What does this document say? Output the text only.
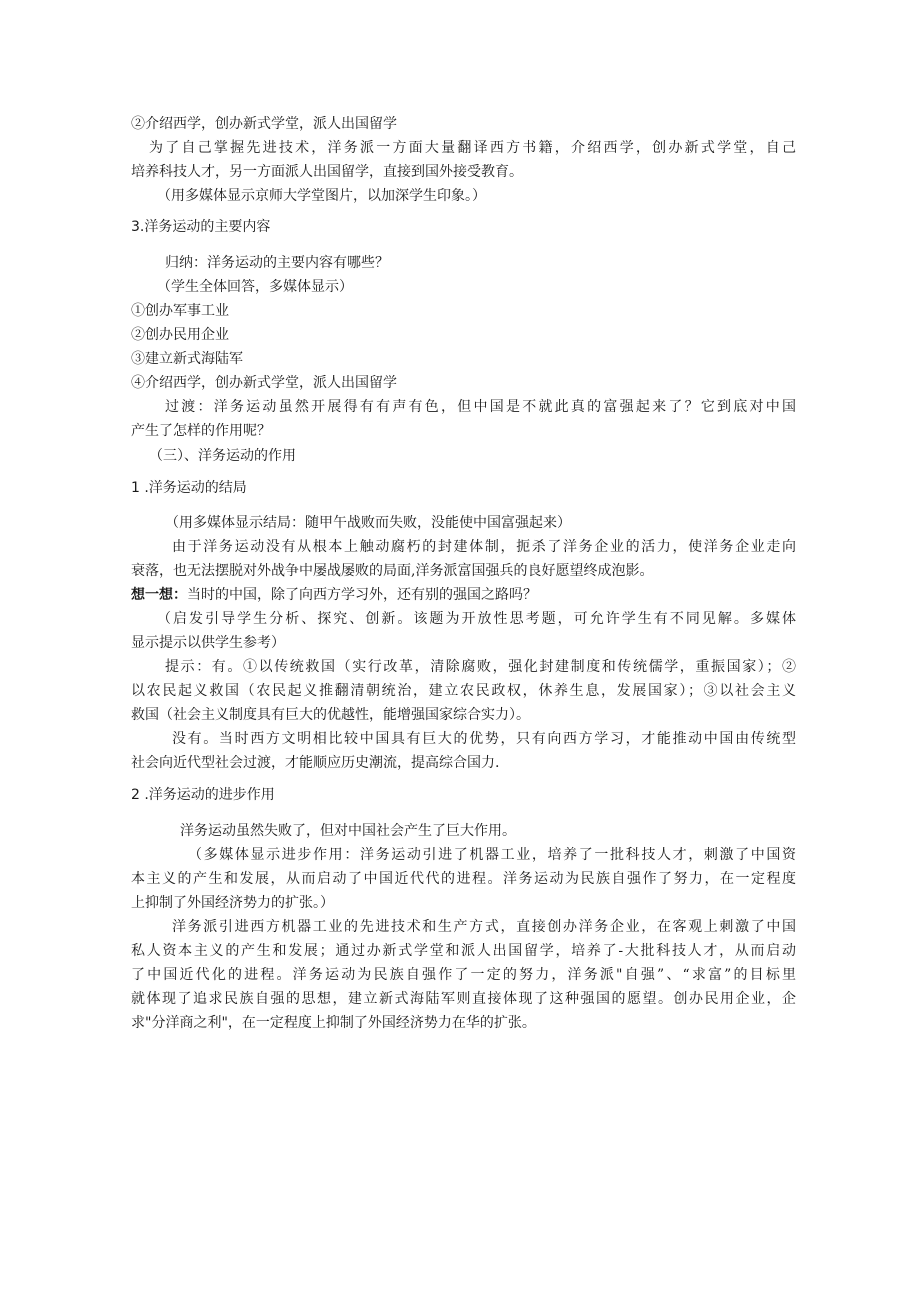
②介绍西学，创办新式学堂，派人出国留学
为了自己掌握先进技术，洋务派一方面大量翻译西方书籍，介绍西学，创办新式学堂，自己
培养科技人才，另一方面派人出国留学，直接到国外接受教育。
（用多媒体显示京师大学堂图片，以加深学生印象。）
3.洋务运动的主要内容
归纳：洋务运动的主要内容有哪些？
（学生全体回答，多媒体显示）
①创办军事工业
②创办民用企业
③建立新式海陆军
④介绍西学，创办新式学堂，派人出国留学
过渡：洋务运动虽然开展得有有声有色，但中国是不就此真的富强起来了？它到底对中国
产生了怎样的作用呢？
（三）、洋务运动的作用
1 .洋务运动的结局
（用多媒体显示结局：随甲午战败而失败，没能使中国富强起来）
由于洋务运动没有从根本上触动腐朽的封建体制，扼杀了洋务企业的活力，使洋务企业走向
衰落，也无法摆脱对外战争中屡战屡败的局面,洋务派富国强兵的良好愿望终成泡影。
想一想：当时的中国，除了向西方学习外，还有别的强国之路吗？
（启发引导学生分析、探究、创新。该题为开放性思考题，可允许学生有不同见解。多媒体
显示提示以供学生参考）
提示：有。①以传统救国（实行改革，清除腐败，强化封建制度和传统儒学，重振国家）；②
以农民起义救国（农民起义推翻清朝统治，建立农民政权，休养生息，发展国家）；③以社会主义
救国（社会主义制度具有巨大的优越性，能增强国家综合实力）。
没有。当时西方文明相比较中国具有巨大的优势，只有向西方学习，才能推动中国由传统型
社会向近代型社会过渡，才能顺应历史潮流，提高综合国力.
2 .洋务运动的进步作用
洋务运动虽然失败了，但对中国社会产生了巨大作用。
（多媒体显示进步作用：洋务运动引进了机器工业，培养了一批科技人才，刺激了中国资
本主义的产生和发展，从而启动了中国近代代的进程。洋务运动为民族自强作了努力，在一定程度
上抑制了外国经济势力的扩张。）
洋务派引进西方机器工业的先进技术和生产方式，直接创办洋务企业，在客观上刺激了中国
私人资本主义的产生和发展；通过办新式学堂和派人出国留学，培养了-大批科技人才，从而启动
了中国近代化的进程。洋务运动为民族自强作了一定的努力，洋务派"自强”、“求富”的目标里
就体现了追求民族自强的思想，建立新式海陆军则直接体现了这种强国的愿望。创办民用企业，企
求"分洋商之利"，在一定程度上抑制了外国经济势力在华的扩张。
